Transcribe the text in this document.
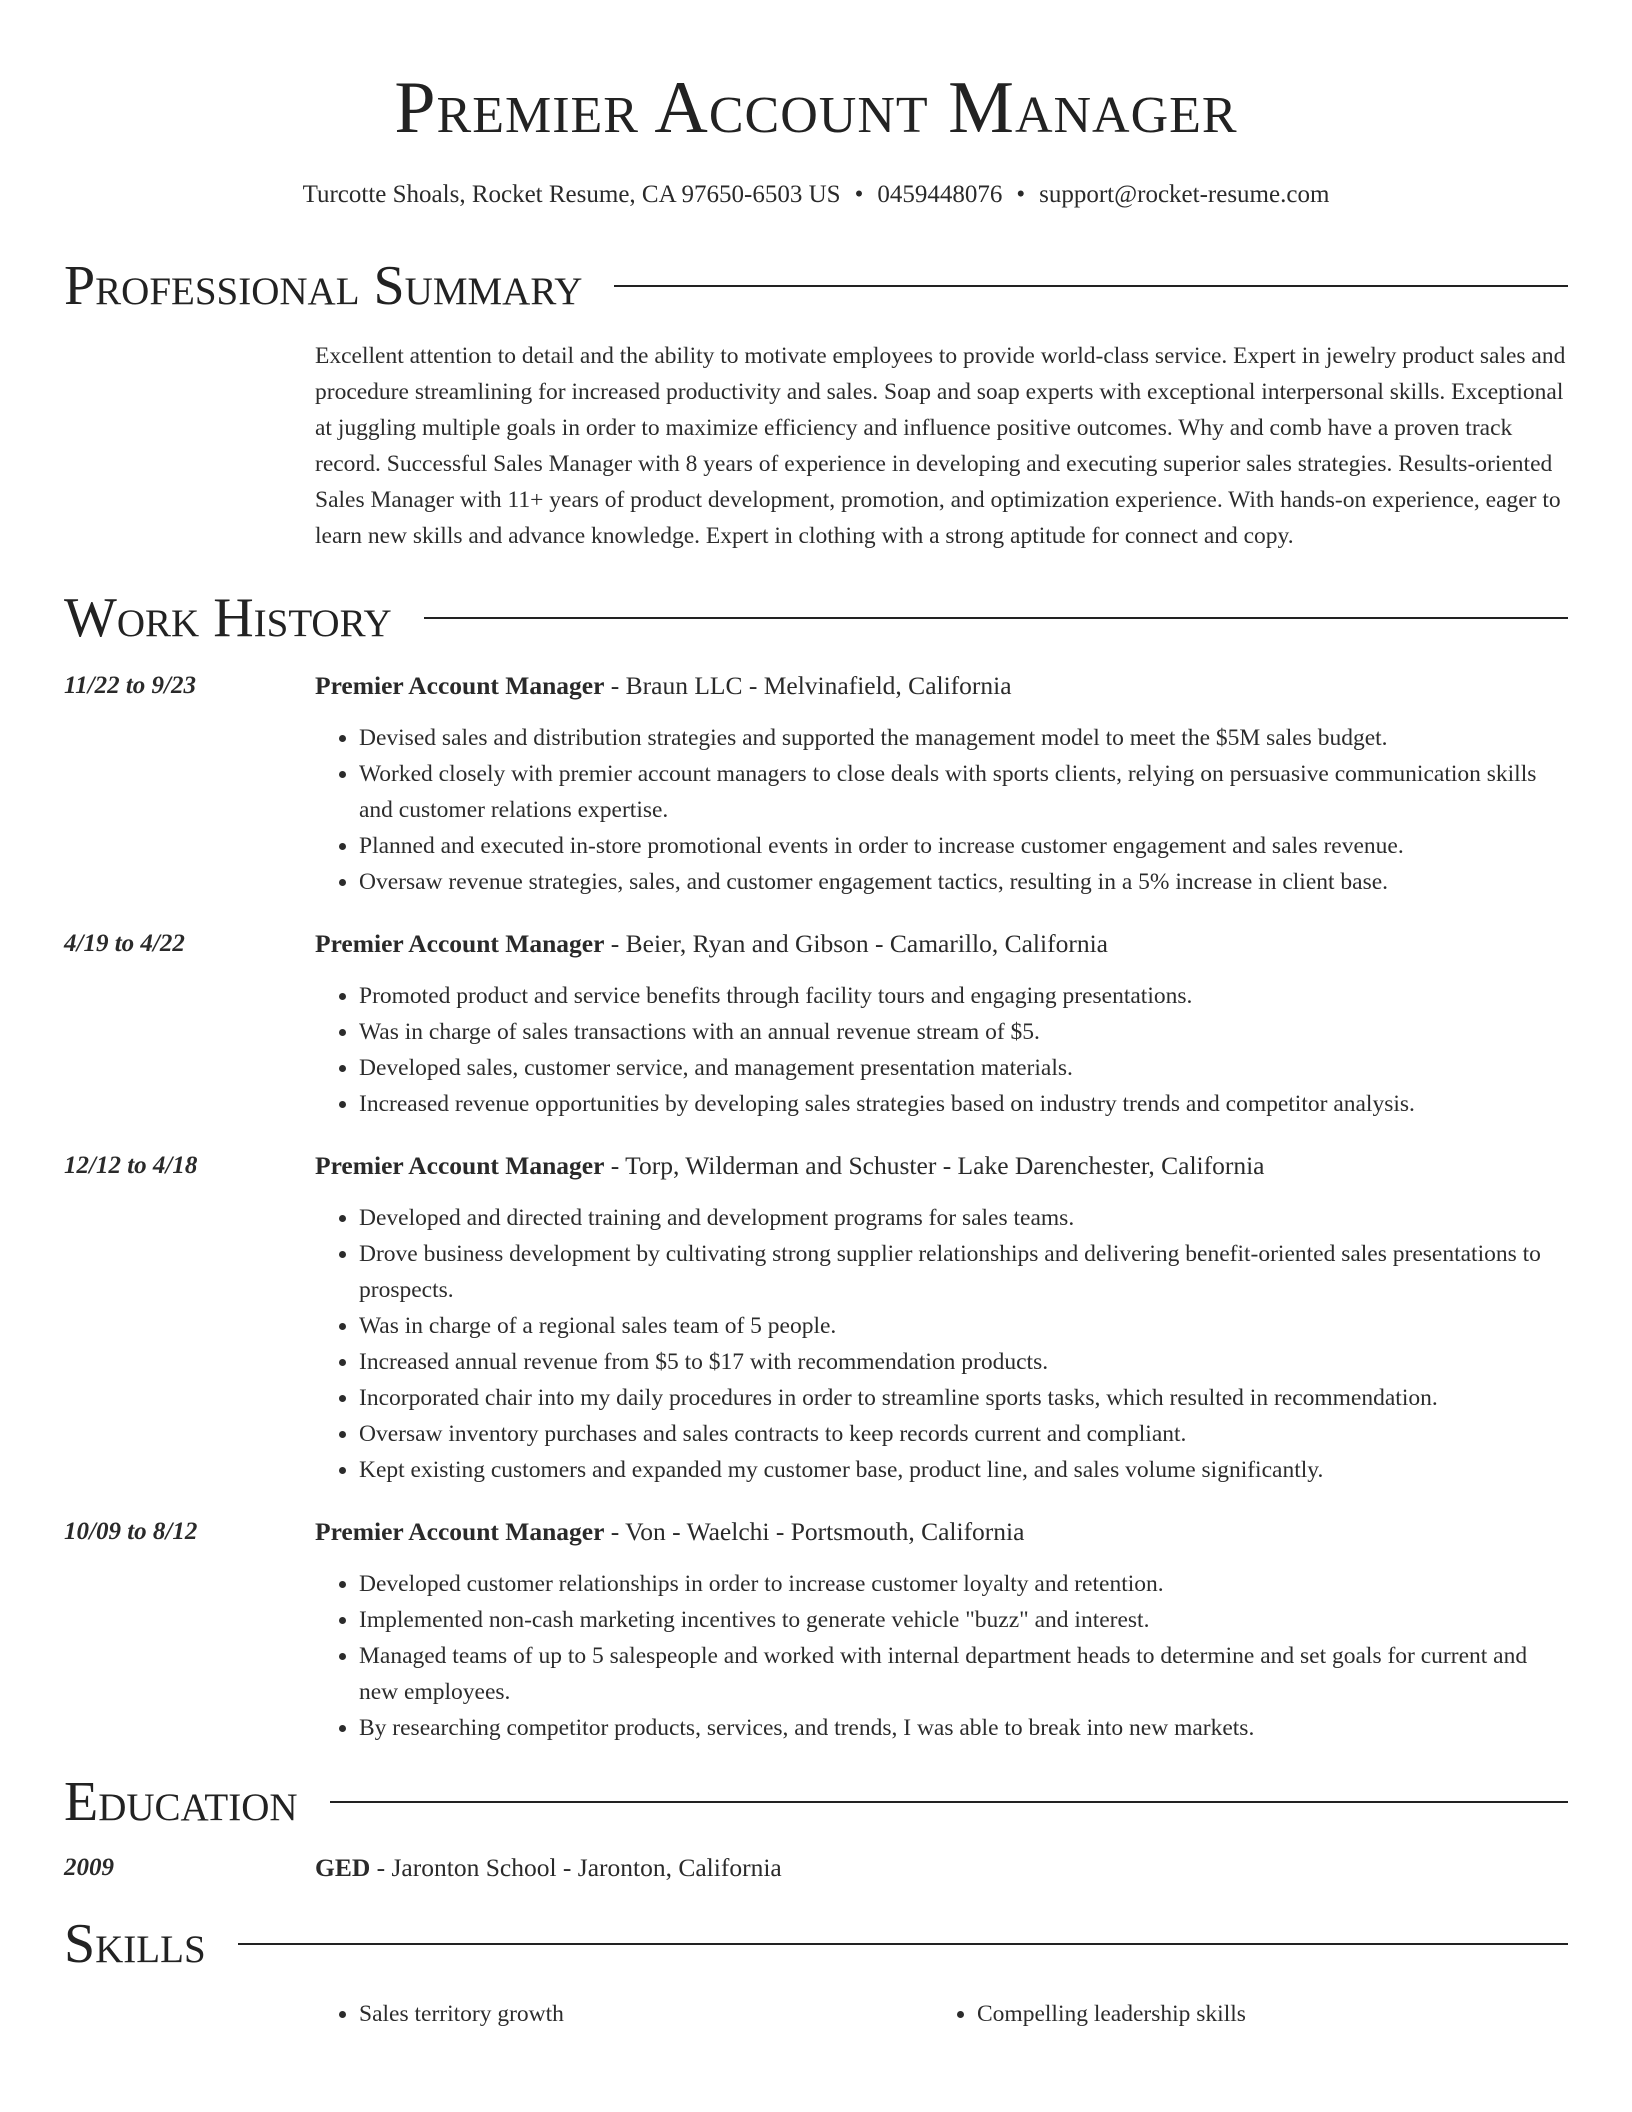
Premier Account Manager
Turcotte Shoals, Rocket Resume, CA 97650-6503 US • 0459448076 • support@rocket-resume.com
Professional Summary
Excellent attention to detail and the ability to motivate employees to provide world-class service. Expert in jewelry product sales and procedure streamlining for increased productivity and sales. Soap and soap experts with exceptional interpersonal skills. Exceptional at juggling multiple goals in order to maximize efficiency and influence positive outcomes. Why and comb have a proven track record. Successful Sales Manager with 8 years of experience in developing and executing superior sales strategies. Results-oriented Sales Manager with 11+ years of product development, promotion, and optimization experience. With hands-on experience, eager to learn new skills and advance knowledge. Expert in clothing with a strong aptitude for connect and copy.
Work History
11/22 to 9/23	Premier Account Manager - Braun LLC - Melvinafield, California
• Devised sales and distribution strategies and supported the management model to meet the $5M sales budget.
• Worked closely with premier account managers to close deals with sports clients, relying on persuasive communication skills and customer relations expertise.
• Planned and executed in-store promotional events in order to increase customer engagement and sales revenue.
• Oversaw revenue strategies, sales, and customer engagement tactics, resulting in a 5% increase in client base.
4/19 to 4/22	Premier Account Manager - Beier, Ryan and Gibson - Camarillo, California
• Promoted product and service benefits through facility tours and engaging presentations.
• Was in charge of sales transactions with an annual revenue stream of $5.
• Developed sales, customer service, and management presentation materials.
• Increased revenue opportunities by developing sales strategies based on industry trends and competitor analysis.
12/12 to 4/18	Premier Account Manager - Torp, Wilderman and Schuster - Lake Darenchester, California
• Developed and directed training and development programs for sales teams.
• Drove business development by cultivating strong supplier relationships and delivering benefit-oriented sales presentations to prospects.
• Was in charge of a regional sales team of 5 people.
• Increased annual revenue from $5 to $17 with recommendation products.
• Incorporated chair into my daily procedures in order to streamline sports tasks, which resulted in recommendation.
• Oversaw inventory purchases and sales contracts to keep records current and compliant.
• Kept existing customers and expanded my customer base, product line, and sales volume significantly.
10/09 to 8/12	Premier Account Manager - Von - Waelchi - Portsmouth, California
• Developed customer relationships in order to increase customer loyalty and retention.
• Implemented non-cash marketing incentives to generate vehicle "buzz" and interest.
• Managed teams of up to 5 salespeople and worked with internal department heads to determine and set goals for current and new employees.
• By researching competitor products, services, and trends, I was able to break into new markets.
Education
2009	GED - Jaronton School - Jaronton, California
Skills
• Sales territory growth
•	Compelling leadership skills
